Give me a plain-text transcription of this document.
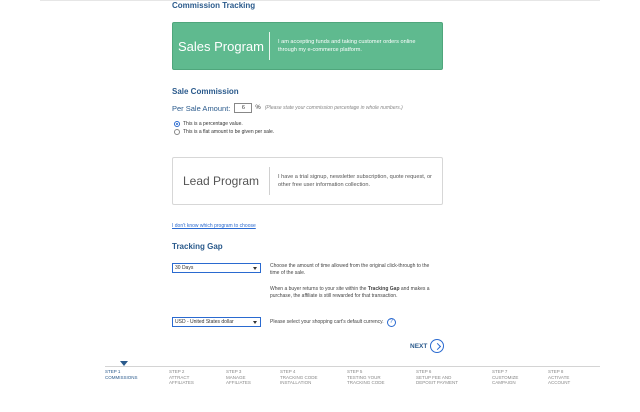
Commission Tracking
Sales Program	I am accepting funds and taking customer orders online through my e-commerce platform.
Sale Commission
Per Sale Amount:	6	% (Please state your commission percentage in whole numbers.)
This is a percentage value.
This is a flat amount to be given per sale.
Lead Program	I have a trial signup, newsletter subscription, quote request, or other free user information collection.
I don't know which program to choose
Tracking Gap
30 Days	Choose the amount of time allowed from the original click-through to the time of the sale.
When a buyer returns to your site within the Tracking Gap and makes a purchase, the affiliate is still rewarded for that transaction.
USD - United States dollar	Please select your shopping cart's default currency. ?
NEXT
STEP 1
COMMISSIONS
STEP 2
ATTRACT
AFFILIATES
STEP 3
MANAGE
AFFILIATES
STEP 4
TRACKING CODE
INSTALLATION
STEP 5
TESTING YOUR
TRACKING CODE
STEP 6
SETUP FEE AND
DEPOSIT PAYMENT
STEP 7
CUSTOMIZE
CAMPAIGN
STEP 8
ACTIVATE
ACCOUNT
